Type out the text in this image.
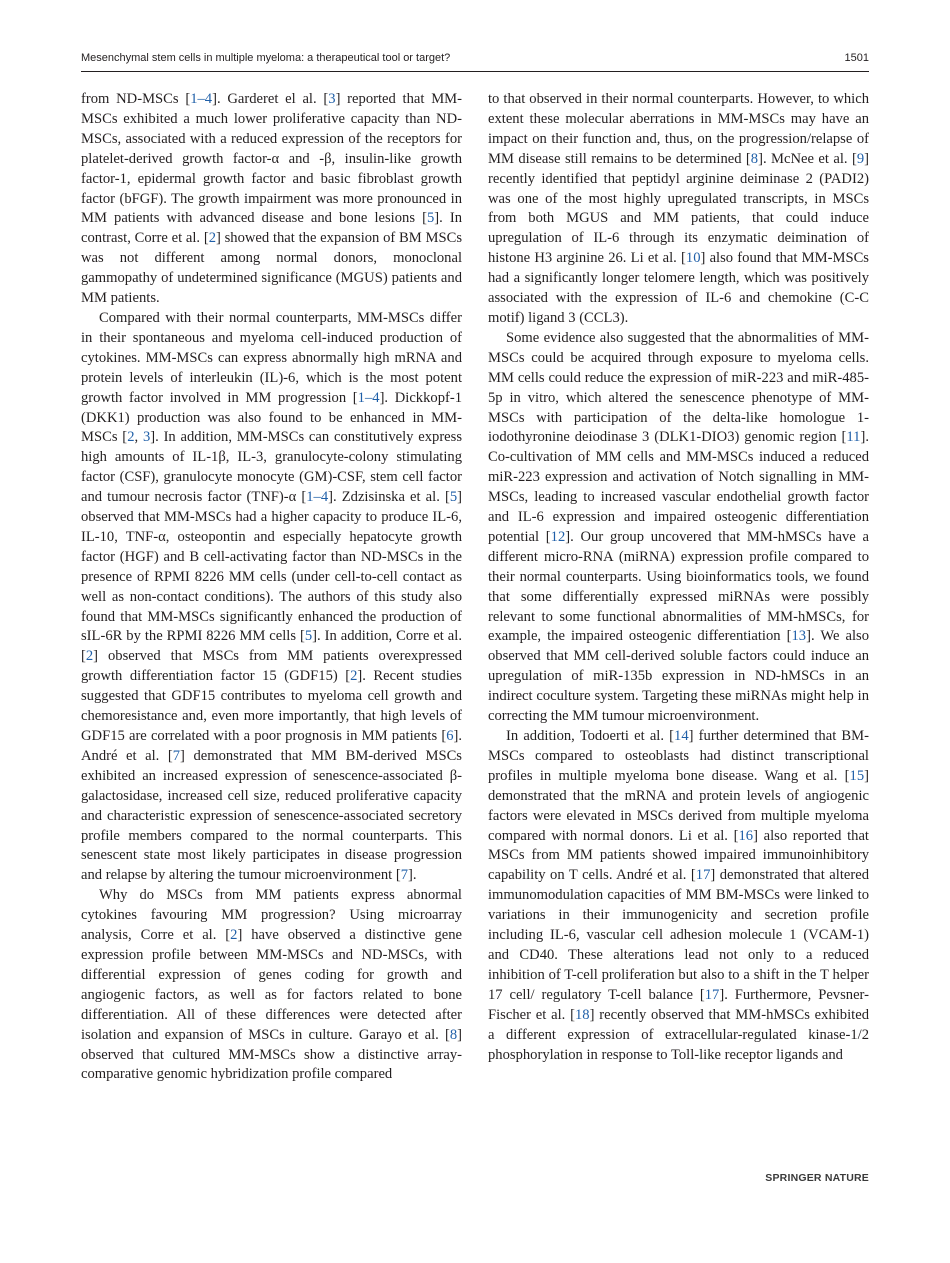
Mesenchymal stem cells in multiple myeloma: a therapeutical tool or target?	1501

from ND-MSCs [1–4]. Garderet el al. [3] reported that MM-MSCs exhibited a much lower proliferative capacity than ND-MSCs, associated with a reduced expression of the receptors for platelet-derived growth factor-α and -β, insulin-like growth factor-1, epidermal growth factor and basic fibroblast growth factor (bFGF). The growth impairment was more pronounced in MM patients with advanced disease and bone lesions [5]. In contrast, Corre et al. [2] showed that the expansion of BM MSCs was not different among normal donors, monoclonal gammopathy of undetermined significance (MGUS) patients and MM patients.

Compared with their normal counterparts, MM-MSCs differ in their spontaneous and myeloma cell-induced production of cytokines. MM-MSCs can express abnormally high mRNA and protein levels of interleukin (IL)-6, which is the most potent growth factor involved in MM progression [1–4]. Dickkopf-1 (DKK1) production was also found to be enhanced in MM-MSCs [2, 3]. In addition, MM-MSCs can constitutively express high amounts of IL-1β, IL-3, granulocyte-colony stimulating factor (CSF), granulocyte monocyte (GM)-CSF, stem cell factor and tumour necrosis factor (TNF)-α [1–4]. Zdzisinska et al. [5] observed that MM-MSCs had a higher capacity to produce IL-6, IL-10, TNF-α, osteopontin and especially hepatocyte growth factor (HGF) and B cell-activating factor than ND-MSCs in the presence of RPMI 8226 MM cells (under cell-to-cell contact as well as non-contact conditions). The authors of this study also found that MM-MSCs significantly enhanced the production of sIL-6R by the RPMI 8226 MM cells [5]. In addition, Corre et al. [2] observed that MSCs from MM patients overexpressed growth differentiation factor 15 (GDF15) [2]. Recent studies suggested that GDF15 contributes to myeloma cell growth and chemoresistance and, even more importantly, that high levels of GDF15 are correlated with a poor prognosis in MM patients [6]. André et al. [7] demonstrated that MM BM-derived MSCs exhibited an increased expression of senescence-associated β-galactosidase, increased cell size, reduced proliferative capacity and characteristic expression of senescence-associated secretory profile members compared to the normal counterparts. This senescent state most likely participates in disease progression and relapse by altering the tumour microenvironment [7].

Why do MSCs from MM patients express abnormal cytokines favouring MM progression? Using microarray analysis, Corre et al. [2] have observed a distinctive gene expression profile between MM-MSCs and ND-MSCs, with differential expression of genes coding for growth and angiogenic factors, as well as for factors related to bone differentiation. All of these differences were detected after isolation and expansion of MSCs in culture. Garayo et al. [8] observed that cultured MM-MSCs show a distinctive array-comparative genomic hybridization profile compared

to that observed in their normal counterparts. However, to which extent these molecular aberrations in MM-MSCs may have an impact on their function and, thus, on the progression/relapse of MM disease still remains to be determined [8]. McNee et al. [9] recently identified that peptidyl arginine deiminase 2 (PADI2) was one of the most highly upregulated transcripts, in MSCs from both MGUS and MM patients, that could induce upregulation of IL-6 through its enzymatic deimination of histone H3 arginine 26. Li et al. [10] also found that MM-MSCs had a significantly longer telomere length, which was positively associated with the expression of IL-6 and chemokine (C-C motif) ligand 3 (CCL3).

Some evidence also suggested that the abnormalities of MM-MSCs could be acquired through exposure to myeloma cells. MM cells could reduce the expression of miR-223 and miR-485-5p in vitro, which altered the senescence phenotype of MM-MSCs with participation of the delta-like homologue 1- iodothyronine deiodinase 3 (DLK1-DIO3) genomic region [11]. Co-cultivation of MM cells and MM-MSCs induced a reduced miR-223 expression and activation of Notch signalling in MM-MSCs, leading to increased vascular endothelial growth factor and IL-6 expression and impaired osteogenic differentiation potential [12]. Our group uncovered that MM-hMSCs have a different micro-RNA (miRNA) expression profile compared to their normal counterparts. Using bioinformatics tools, we found that some differentially expressed miRNAs were possibly relevant to some functional abnormalities of MM-hMSCs, for example, the impaired osteogenic differentiation [13]. We also observed that MM cell-derived soluble factors could induce an upregulation of miR-135b expression in ND-hMSCs in an indirect coculture system. Targeting these miRNAs might help in correcting the MM tumour microenvironment.

In addition, Todoerti et al. [14] further determined that BM-MSCs compared to osteoblasts had distinct transcriptional profiles in multiple myeloma bone disease. Wang et al. [15] demonstrated that the mRNA and protein levels of angiogenic factors were elevated in MSCs derived from multiple myeloma compared with normal donors. Li et al. [16] also reported that MSCs from MM patients showed impaired immunoinhibitory capability on T cells. André et al. [17] demonstrated that altered immunomodulation capacities of MM BM-MSCs were linked to variations in their immunogenicity and secretion profile including IL-6, vascular cell adhesion molecule 1 (VCAM-1) and CD40. These alterations lead not only to a reduced inhibition of T-cell proliferation but also to a shift in the T helper 17 cell/ regulatory T-cell balance [17]. Furthermore, Pevsner-Fischer et al. [18] recently observed that MM-hMSCs exhibited a different expression of extracellular-regulated kinase-1/2 phosphorylation in response to Toll-like receptor ligands and

SPRINGER NATURE
